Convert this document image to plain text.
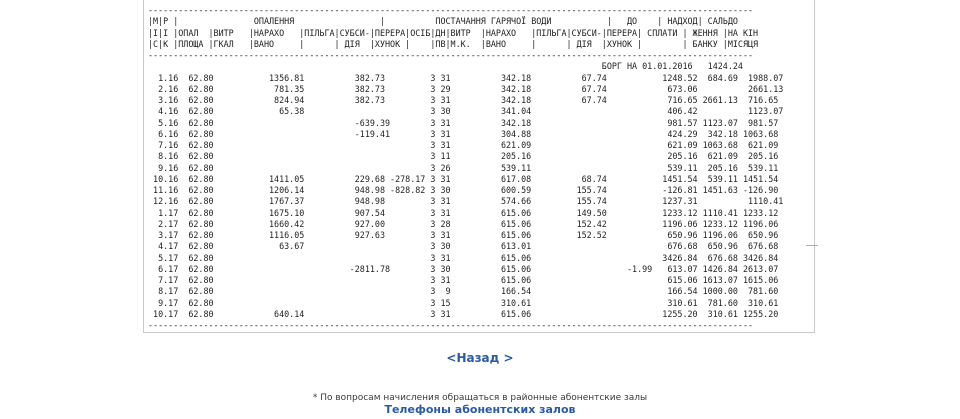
------------------------------------------------------------------------------------------------------------------------
|М|Р |               ОПАЛЕННЯ                 |          ПОСТАЧАННЯ ГАРЯЧОЇ ВОДИ           |   ДО    | НАДХОД| САЛЬДО
|І|І |ОПАЛ  |ВИТР   |НАРАХО   |ПІЛЬГА|СУБСИ-|ПЕРЕРА|ОСІБ|ДН|ВИТР  |НАРАХО   |ПІЛЬГА|СУБСИ-|ПЕРЕРА| СПЛАТИ | ЖЕННЯ |НА КІН
|С|К |ПЛОЩА |ГКАЛ   |ВАНО     |      | ДІЯ  |ХУНОК |    |ПВ|М.К.  |ВАНО     |      | ДІЯ  |ХУНОК |        | БАНКУ |МІСЯЦЯ
------------------------------------------------------------------------------------------------------------------------
БОРГ НА 01.01.2016   1424.24
1.16  62.80           1356.81          382.73         3 31          342.18          67.74           1248.52  684.69  1988.07
2.16  62.80            781.35          382.73         3 29          342.18          67.74            673.06          2661.13
3.16  62.80            824.94          382.73         3 31          342.18          67.74            716.65 2661.13  716.65
4.16  62.80             65.38                         3 30          341.04                           406.42          1123.07
5.16  62.80                            -639.39        3 31          342.18                           981.57 1123.07  981.57
6.16  62.80                            -119.41        3 31          304.88                           424.29  342.18 1063.68
7.16  62.80                                           3 31          621.09                           621.09 1063.68  621.09
8.16  62.80                                           3 11          205.16                           205.16  621.09  205.16
9.16  62.80                                           3 26          539.11                           539.11  205.16  539.11
10.16  62.80           1411.05          229.68 -278.17 3 31          617.08          68.74           1451.54  539.11 1451.54
11.16  62.80           1206.14          948.98 -828.82 3 30          600.59         155.74           -126.81 1451.63 -126.90
12.16  62.80           1767.37          948.98         3 31          574.66         155.74           1237.31          1110.41
1.17  62.80           1675.10          907.54         3 31          615.06         149.50           1233.12 1110.41 1233.12
2.17  62.80           1660.42          927.00         3 28          615.06         152.42           1196.06 1233.12 1196.06
3.17  62.80           1116.05          927.63         3 31          615.06         152.52            650.96 1196.06  650.96
4.17  62.80             63.67                         3 30          613.01                           676.68  650.96  676.68
5.17  62.80                                           3 31          615.06                          3426.84  676.68 3426.84
6.17  62.80                           -2811.78        3 30          615.06                   -1.99   613.07 1426.84 2613.07
7.17  62.80                                           3 31          615.06                           615.06 1613.07 1615.06
8.17  62.80                                           3  9          166.54                           166.54 1000.00  781.60
9.17  62.80                                           3 15          310.61                           310.61  781.60  310.61
10.17  62.80            640.14                         3 31          615.06                          1255.20  310.61 1255.20
------------------------------------------------------------------------------------------------------------------------

<Назад >
* По вопросам начисления обращаться в районные абонентские залы
Телефоны абонентских залов
